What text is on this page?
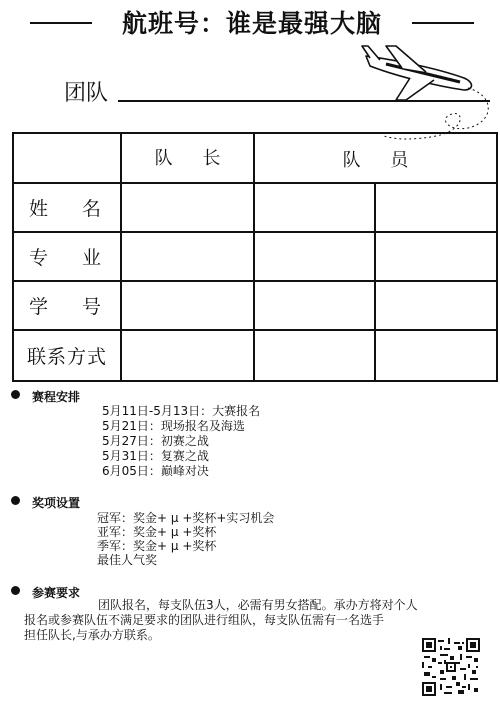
航班号：谁是最强大脑
团队
	队 长	队 员	
姓 名			
专 业			
学 号			
联系方式			
赛程安排
5月11日-5月13日：大赛报名
5月21日：现场报名及海选
5月27日：初赛之战
5月31日：复赛之战
6月05日：巅峰对决
奖项设置
冠军：奖金+ μ +奖杯+实习机会
亚军：奖金+ μ +奖杯
季军：奖金+ μ +奖杯
最佳人气奖
参赛要求
团队报名，每支队伍3人，必需有男女搭配。承办方将对个人
报名或参赛队伍不满足要求的团队进行组队，每支队伍需有一名选手
担任队长,与承办方联系。
